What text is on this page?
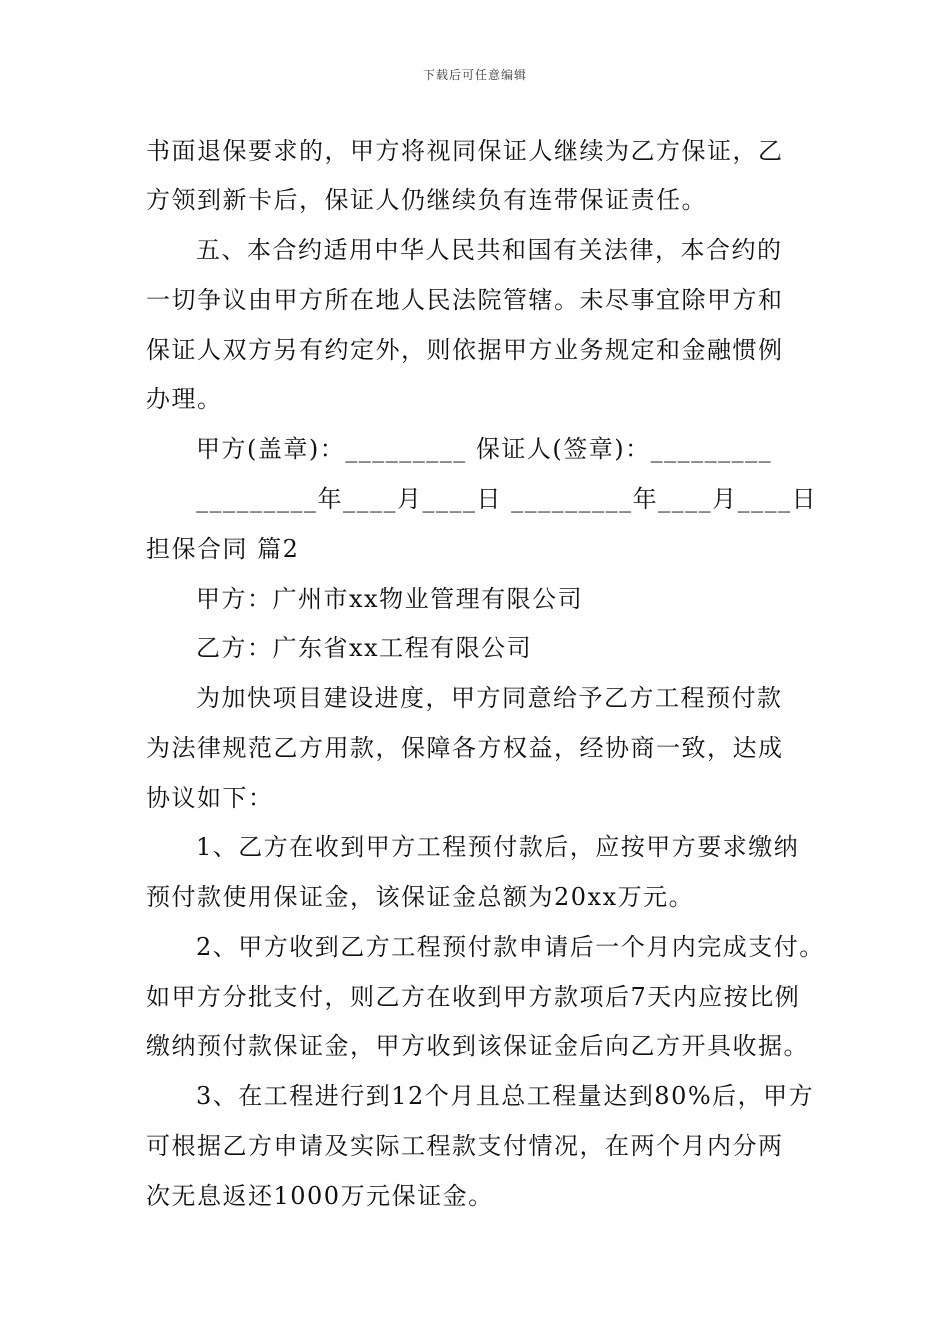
下载后可任意编辑
书面退保要求的，甲方将视同保证人继续为乙方保证，乙
方领到新卡后，保证人仍继续负有连带保证责任。
五、本合约适用中华人民共和国有关法律，本合约的
一切争议由甲方所在地人民法院管辖。未尽事宜除甲方和
保证人双方另有约定外，则依据甲方业务规定和金融惯例
办理。
甲方(盖章)：_________ 保证人(签章)：_________
_________年____月____日 _________年____月____日
担保合同 篇2
甲方：广州市xx物业管理有限公司
乙方：广东省xx工程有限公司
为加快项目建设进度，甲方同意给予乙方工程预付款
为法律规范乙方用款，保障各方权益，经协商一致，达成
协议如下：
1、乙方在收到甲方工程预付款后，应按甲方要求缴纳
预付款使用保证金，该保证金总额为20xx万元。
2、甲方收到乙方工程预付款申请后一个月内完成支付。
如甲方分批支付，则乙方在收到甲方款项后7天内应按比例
缴纳预付款保证金，甲方收到该保证金后向乙方开具收据。
3、在工程进行到12个月且总工程量达到80%后，甲方
可根据乙方申请及实际工程款支付情况，在两个月内分两
次无息返还1000万元保证金。
